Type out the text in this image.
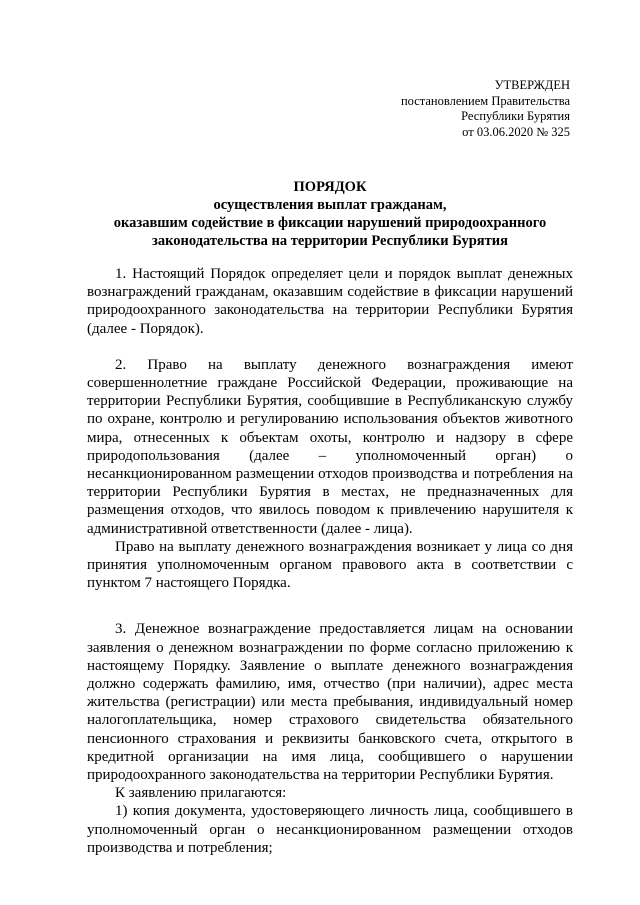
УТВЕРЖДЕН
постановлением Правительства
Республики Бурятия
от 03.06.2020 № 325
ПОРЯДОК
осуществления выплат гражданам,
оказавшим содействие в фиксации нарушений природоохранного
законодательства на территории Республики Бурятия

1. Настоящий Порядок определяет цели и порядок выплат денежных вознаграждений гражданам, оказавшим содействие в фиксации нарушений природоохранного законодательства на территории Республики Бурятия (далее - Порядок).

2. Право на выплату денежного вознаграждения имеют совершеннолетние граждане Российской Федерации, проживающие на территории Республики Бурятия, сообщившие в Республиканскую службу по охране, контролю и регулированию использования объектов животного мира, отнесенных к объектам охоты, контролю и надзору в сфере природопользования (далее – уполномоченный орган) о несанкционированном размещении отходов производства и потребления на территории Республики Бурятия в местах, не предназначенных для размещения отходов, что явилось поводом к привлечению нарушителя к административной ответственности (далее - лица).

Право на выплату денежного вознаграждения возникает у лица со дня принятия уполномоченным органом правового акта в соответствии с пунктом 7 настоящего Порядка.

3. Денежное вознаграждение предоставляется лицам на основании заявления о денежном вознаграждении по форме согласно приложению к настоящему Порядку. Заявление о выплате денежного вознаграждения должно содержать фамилию, имя, отчество (при наличии), адрес места жительства (регистрации) или места пребывания, индивидуальный номер налогоплательщика, номер страхового свидетельства обязательного пенсионного страхования и реквизиты банковского счета, открытого в кредитной организации на имя лица, сообщившего о нарушении природоохранного законодательства на территории Республики Бурятия.

К заявлению прилагаются:

1) копия документа, удостоверяющего личность лица, сообщившего в уполномоченный орган о несанкционированном размещении отходов производства и потребления;
